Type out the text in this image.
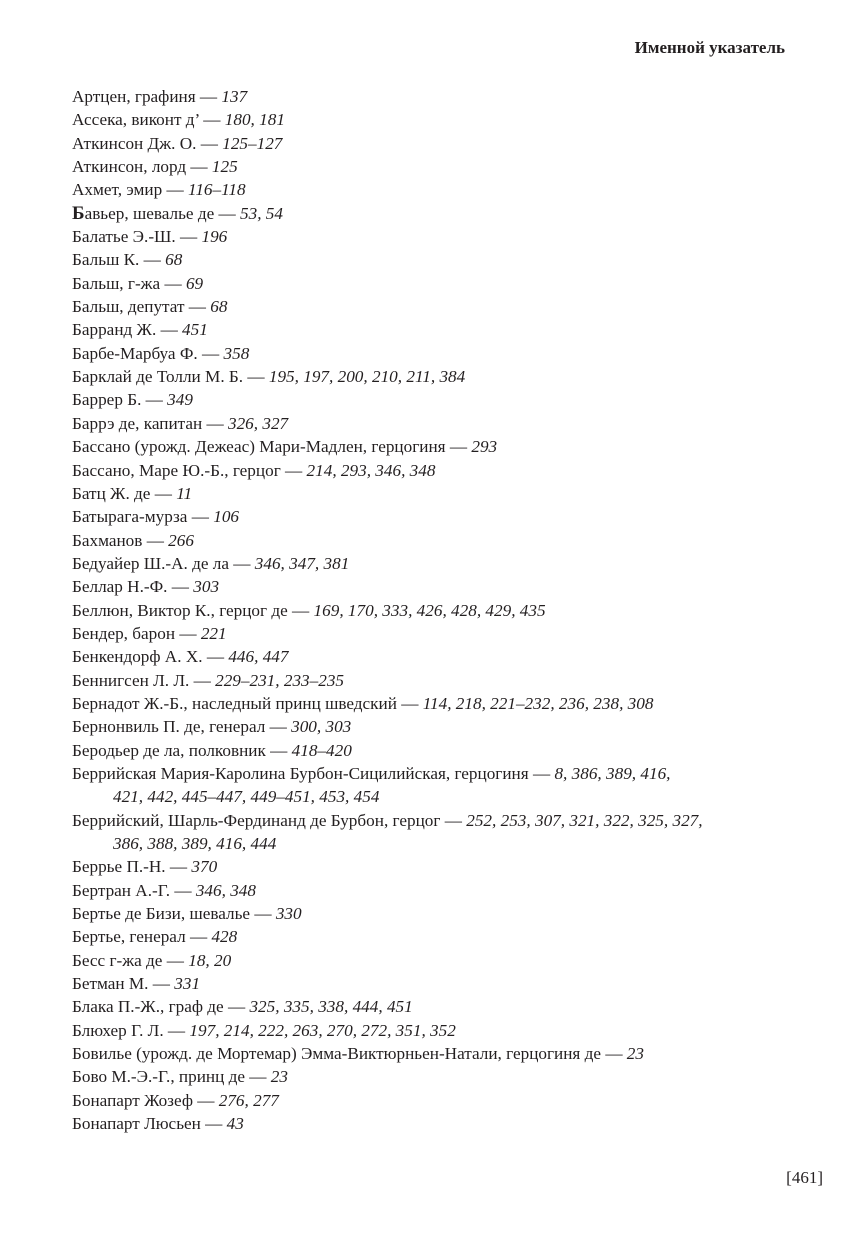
Именной указатель
Артцен, графиня — 137
Ассека, виконт д’ — 180, 181
Аткинсон Дж. О. — 125–127
Аткинсон, лорд — 125
Ахмет, эмир — 116–118
Бавьер, шевалье де — 53, 54
Балатье Э.-Ш. — 196
Бальш К. — 68
Бальш, г-жа — 69
Бальш, депутат — 68
Барранд Ж. — 451
Барбе-Марбуа Ф. — 358
Барклай де Толли М. Б. — 195, 197, 200, 210, 211, 384
Баррер Б. — 349
Баррэ де, капитан — 326, 327
Бассано (урожд. Дежеас) Мари-Мадлен, герцогиня — 293
Бассано, Маре Ю.-Б., герцог — 214, 293, 346, 348
Батц Ж. де — 11
Батырага-мурза — 106
Бахманов — 266
Бедуайер Ш.-А. де ла — 346, 347, 381
Беллар Н.-Ф. — 303
Беллюн, Виктор К., герцог де — 169, 170, 333, 426, 428, 429, 435
Бендер, барон — 221
Бенкендорф А. Х. — 446, 447
Беннигсен Л. Л. — 229–231, 233–235
Бернадот Ж.-Б., наследный принц шведский — 114, 218, 221–232, 236, 238, 308
Бернонвиль П. де, генерал — 300, 303
Беродьер де ла, полковник — 418–420
Беррийская Мария-Каролина Бурбон-Сицилийская, герцогиня — 8, 386, 389, 416,
421, 442, 445–447, 449–451, 453, 454
Беррийский, Шарль-Фердинанд де Бурбон, герцог — 252, 253, 307, 321, 322, 325, 327,
386, 388, 389, 416, 444
Беррье П.-Н. — 370
Бертран А.-Г. — 346, 348
Бертье де Бизи, шевалье — 330
Бертье, генерал — 428
Бесс г-жа де — 18, 20
Бетман М. — 331
Блака П.-Ж., граф де — 325, 335, 338, 444, 451
Блюхер Г. Л. — 197, 214, 222, 263, 270, 272, 351, 352
Бовилье (урожд. де Мортемар) Эмма-Виктюрньен-Натали, герцогиня де — 23
Бово М.-Э.-Г., принц де — 23
Бонапарт Жозеф — 276, 277
Бонапарт Люсьен — 43
[461]
